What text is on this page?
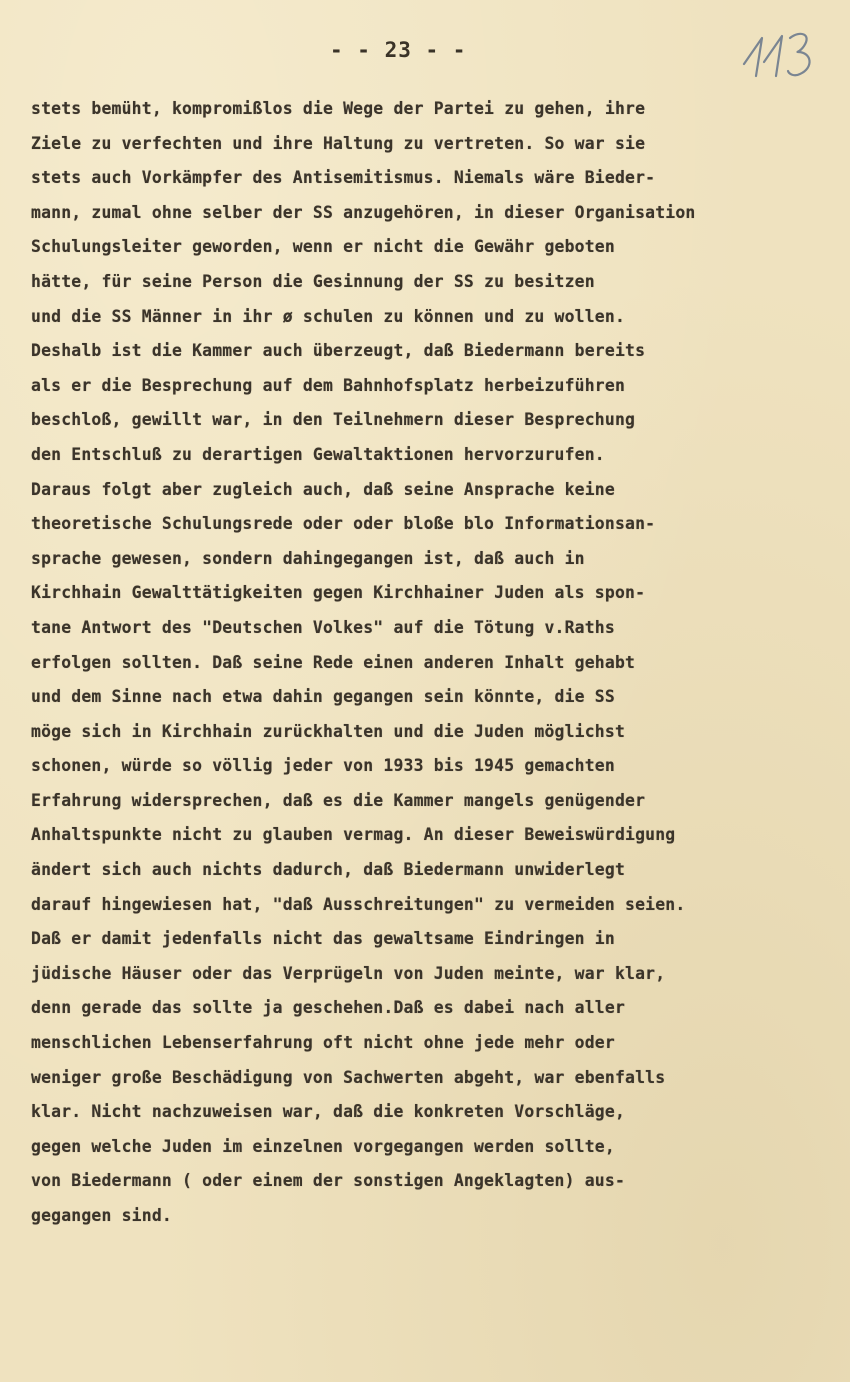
- - 23 - -
stets bemüht, kompromißlos die Wege der Partei zu gehen, ihre
Ziele zu verfechten und ihre Haltung zu vertreten. So war sie
stets auch Vorkämpfer des Antisemitismus. Niemals wäre Bieder-
mann, zumal ohne selber der SS anzugehören, in dieser Organisation
Schulungsleiter geworden, wenn er nicht die Gewähr geboten
hätte, für seine Person die Gesinnung der SS zu besitzen
und die SS Männer in ihr ø schulen zu können und zu wollen.
Deshalb ist die Kammer auch überzeugt, daß Biedermann bereits
als er die Besprechung auf dem Bahnhofsplatz herbeizuführen
beschloß, gewillt war, in den Teilnehmern dieser Besprechung
den Entschluß zu derartigen Gewaltaktionen hervorzurufen.
Daraus folgt aber zugleich auch, daß seine Ansprache keine
theoretische Schulungsrede oder oder bloße blo Informationsan-
sprache gewesen, sondern dahingegangen ist, daß auch in
Kirchhain Gewalttätigkeiten gegen Kirchhainer Juden als spon-
tane Antwort des "Deutschen Volkes" auf die Tötung v.Raths
erfolgen sollten. Daß seine Rede einen anderen Inhalt gehabt
und dem Sinne nach etwa dahin gegangen sein könnte, die SS
möge sich in Kirchhain zurückhalten und die Juden möglichst
schonen, würde so völlig jeder von 1933 bis 1945 gemachten
Erfahrung widersprechen, daß es die Kammer mangels genügender
Anhaltspunkte nicht zu glauben vermag. An dieser Beweiswürdigung
ändert sich auch nichts dadurch, daß Biedermann unwiderlegt
darauf hingewiesen hat, "daß Ausschreitungen" zu vermeiden seien.
Daß er damit jedenfalls nicht das gewaltsame Eindringen in
jüdische Häuser oder das Verprügeln von Juden meinte, war klar,
denn gerade das sollte ja geschehen.Daß es dabei nach aller
menschlichen Lebenserfahrung oft nicht ohne jede mehr oder
weniger große Beschädigung von Sachwerten abgeht, war ebenfalls
klar. Nicht nachzuweisen war, daß die konkreten Vorschläge,
gegen welche Juden im einzelnen vorgegangen werden sollte,
von Biedermann ( oder einem der sonstigen Angeklagten) aus-
gegangen sind.
